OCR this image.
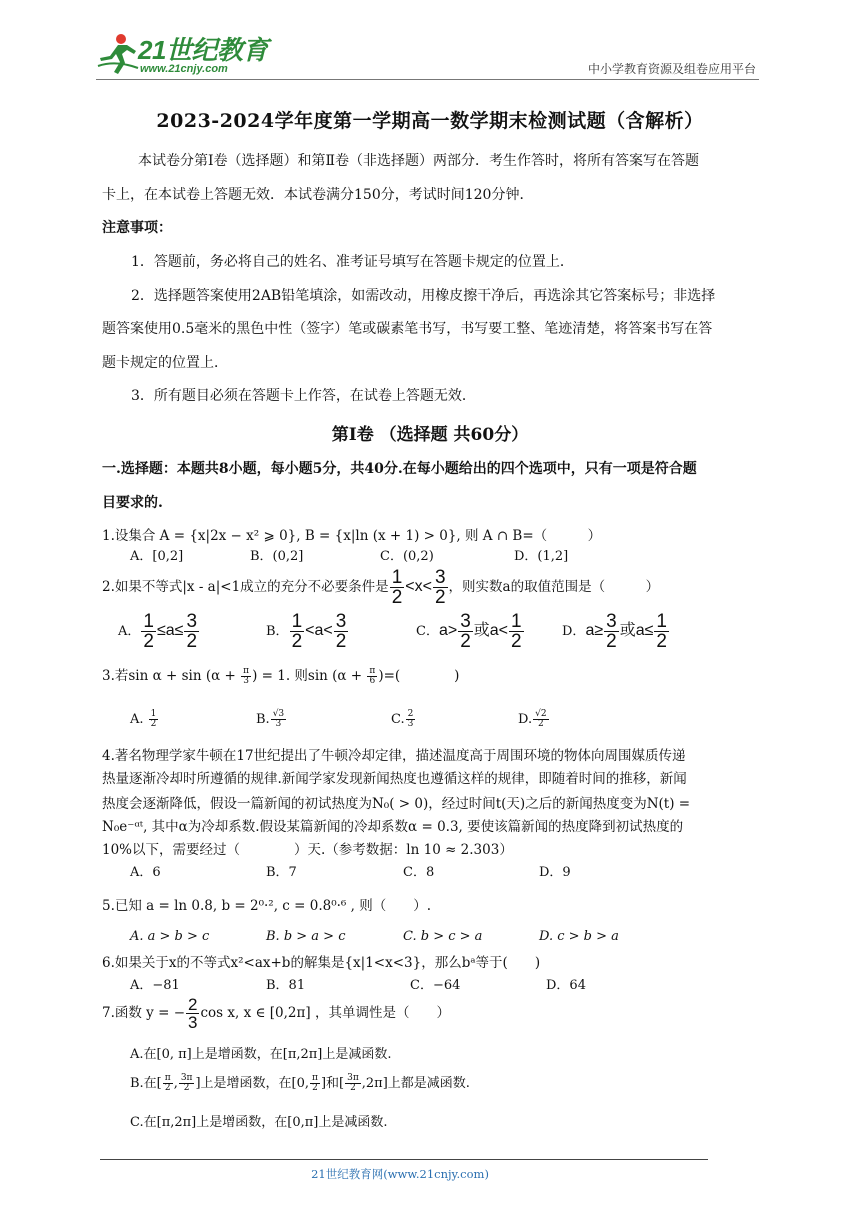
21世纪教育
www.21cnjy.com	中小学教育资源及组卷应用平台
2023-2024学年度第一学期高一数学期末检测试题（含解析）
本试卷分第Ⅰ卷（选择题）和第Ⅱ卷（非选择题）两部分．考生作答时，将所有答案写在答题
卡上，在本试卷上答题无效．本试卷满分150分，考试时间120分钟．
注意事项：
1．答题前，务必将自己的姓名、准考证号填写在答题卡规定的位置上．
2．选择题答案使用2AB铅笔填涂，如需改动，用橡皮擦干净后，再选涂其它答案标号；非选择
题答案使用0.5毫米的黑色中性（签字）笔或碳素笔书写，书写要工整、笔迹清楚，将答案书写在答
题卡规定的位置上．
3．所有题目必须在答题卡上作答，在试卷上答题无效．
第Ⅰ卷 （选择题 共60分）
一.选择题：本题共8小题，每小题5分，共40分.在每小题给出的四个选项中，只有一项是符合题
目要求的.
1.设集合 A = {x|2x − x² ⩾ 0}, B = {x|ln (x + 1) > 0}, 则 A ∩ B=（　　　）
A．[0,2]	B．(0,2]	C．(0,2)	D．(1,2]
2.如果不等式|x - a|<1成立的充分不必要条件是 $\frac{1}{2} <x< \frac{3}{2}$ ，则实数a的取值范围是（　　　）
A． $\frac{1}{2} \le a\le \frac{3}{2}$	B． $\frac{1}{2} <a< \frac{3}{2}$	C．$a> \frac{3}{2}$ 或$a< \frac{1}{2}$	D．$a\ge \frac{3}{2}$ 或$a\le \frac{1}{2}$
3.若$\sin \alpha + \sin (\alpha + \frac{\pi}{3}$ ) = 1. 则$\sin (\alpha + \frac{\pi}{6}$ )=(　　　　)
A. $\frac{1}{2}$	B. $\frac{√3}{3}$	C. $\frac{2}{3}$	D. $\frac{√2}{2}$
4.著名物理学家牛顿在17世纪提出了牛顿冷却定律，描述温度高于周围环境的物体向周围媒质传递
热量逐渐冷却时所遵循的规律.新闻学家发现新闻热度也遵循这样的规律，即随着时间的推移，新闻
热度会逐渐降低，假设一篇新闻的初试热度为N₀( > 0)，经过时间t(天)之后的新闻热度变为N(t) =
N₀e⁻ᵅᵗ, 其中α为冷却系数.假设某篇新闻的冷却系数α = 0.3, 要使该篇新闻的热度降到初试热度的
10%以下，需要经过（　　　　）天.（参考数据：ln 10 ≈ 2.303）
A．6	B．7	C．8	D．9
5.已知 a = ln 0.8, b = 2⁰·², c = 0.8⁰·⁶ , 则（　　）.
A. a > b > c	B. b > a > c	C. b > c > a	D. c > b > a
6.如果关于x的不等式x²<ax+b的解集是{x|1<x<3}，那么bᵃ等于(　　)
A．−81	B．81	C．−64	D．64
7.函数 y = − $\frac{2}{3}$ cos x, x ∈ [0,2π] ，其单调性是（　　）
A.在[0, π]上是增函数，在[π,2π]上是减函数.
B.在[ $\frac{\pi}{2}$ , $\frac{3\pi}{2}$ ]上是增函数，在[0, $\frac{\pi}{2}$ ]和[ $\frac{3\pi}{2} ,2\pi$]上都是减函数.
C.在[π,2π]上是增函数，在[0,π]上是减函数.
21世纪教育网(www.21cnjy.com)
